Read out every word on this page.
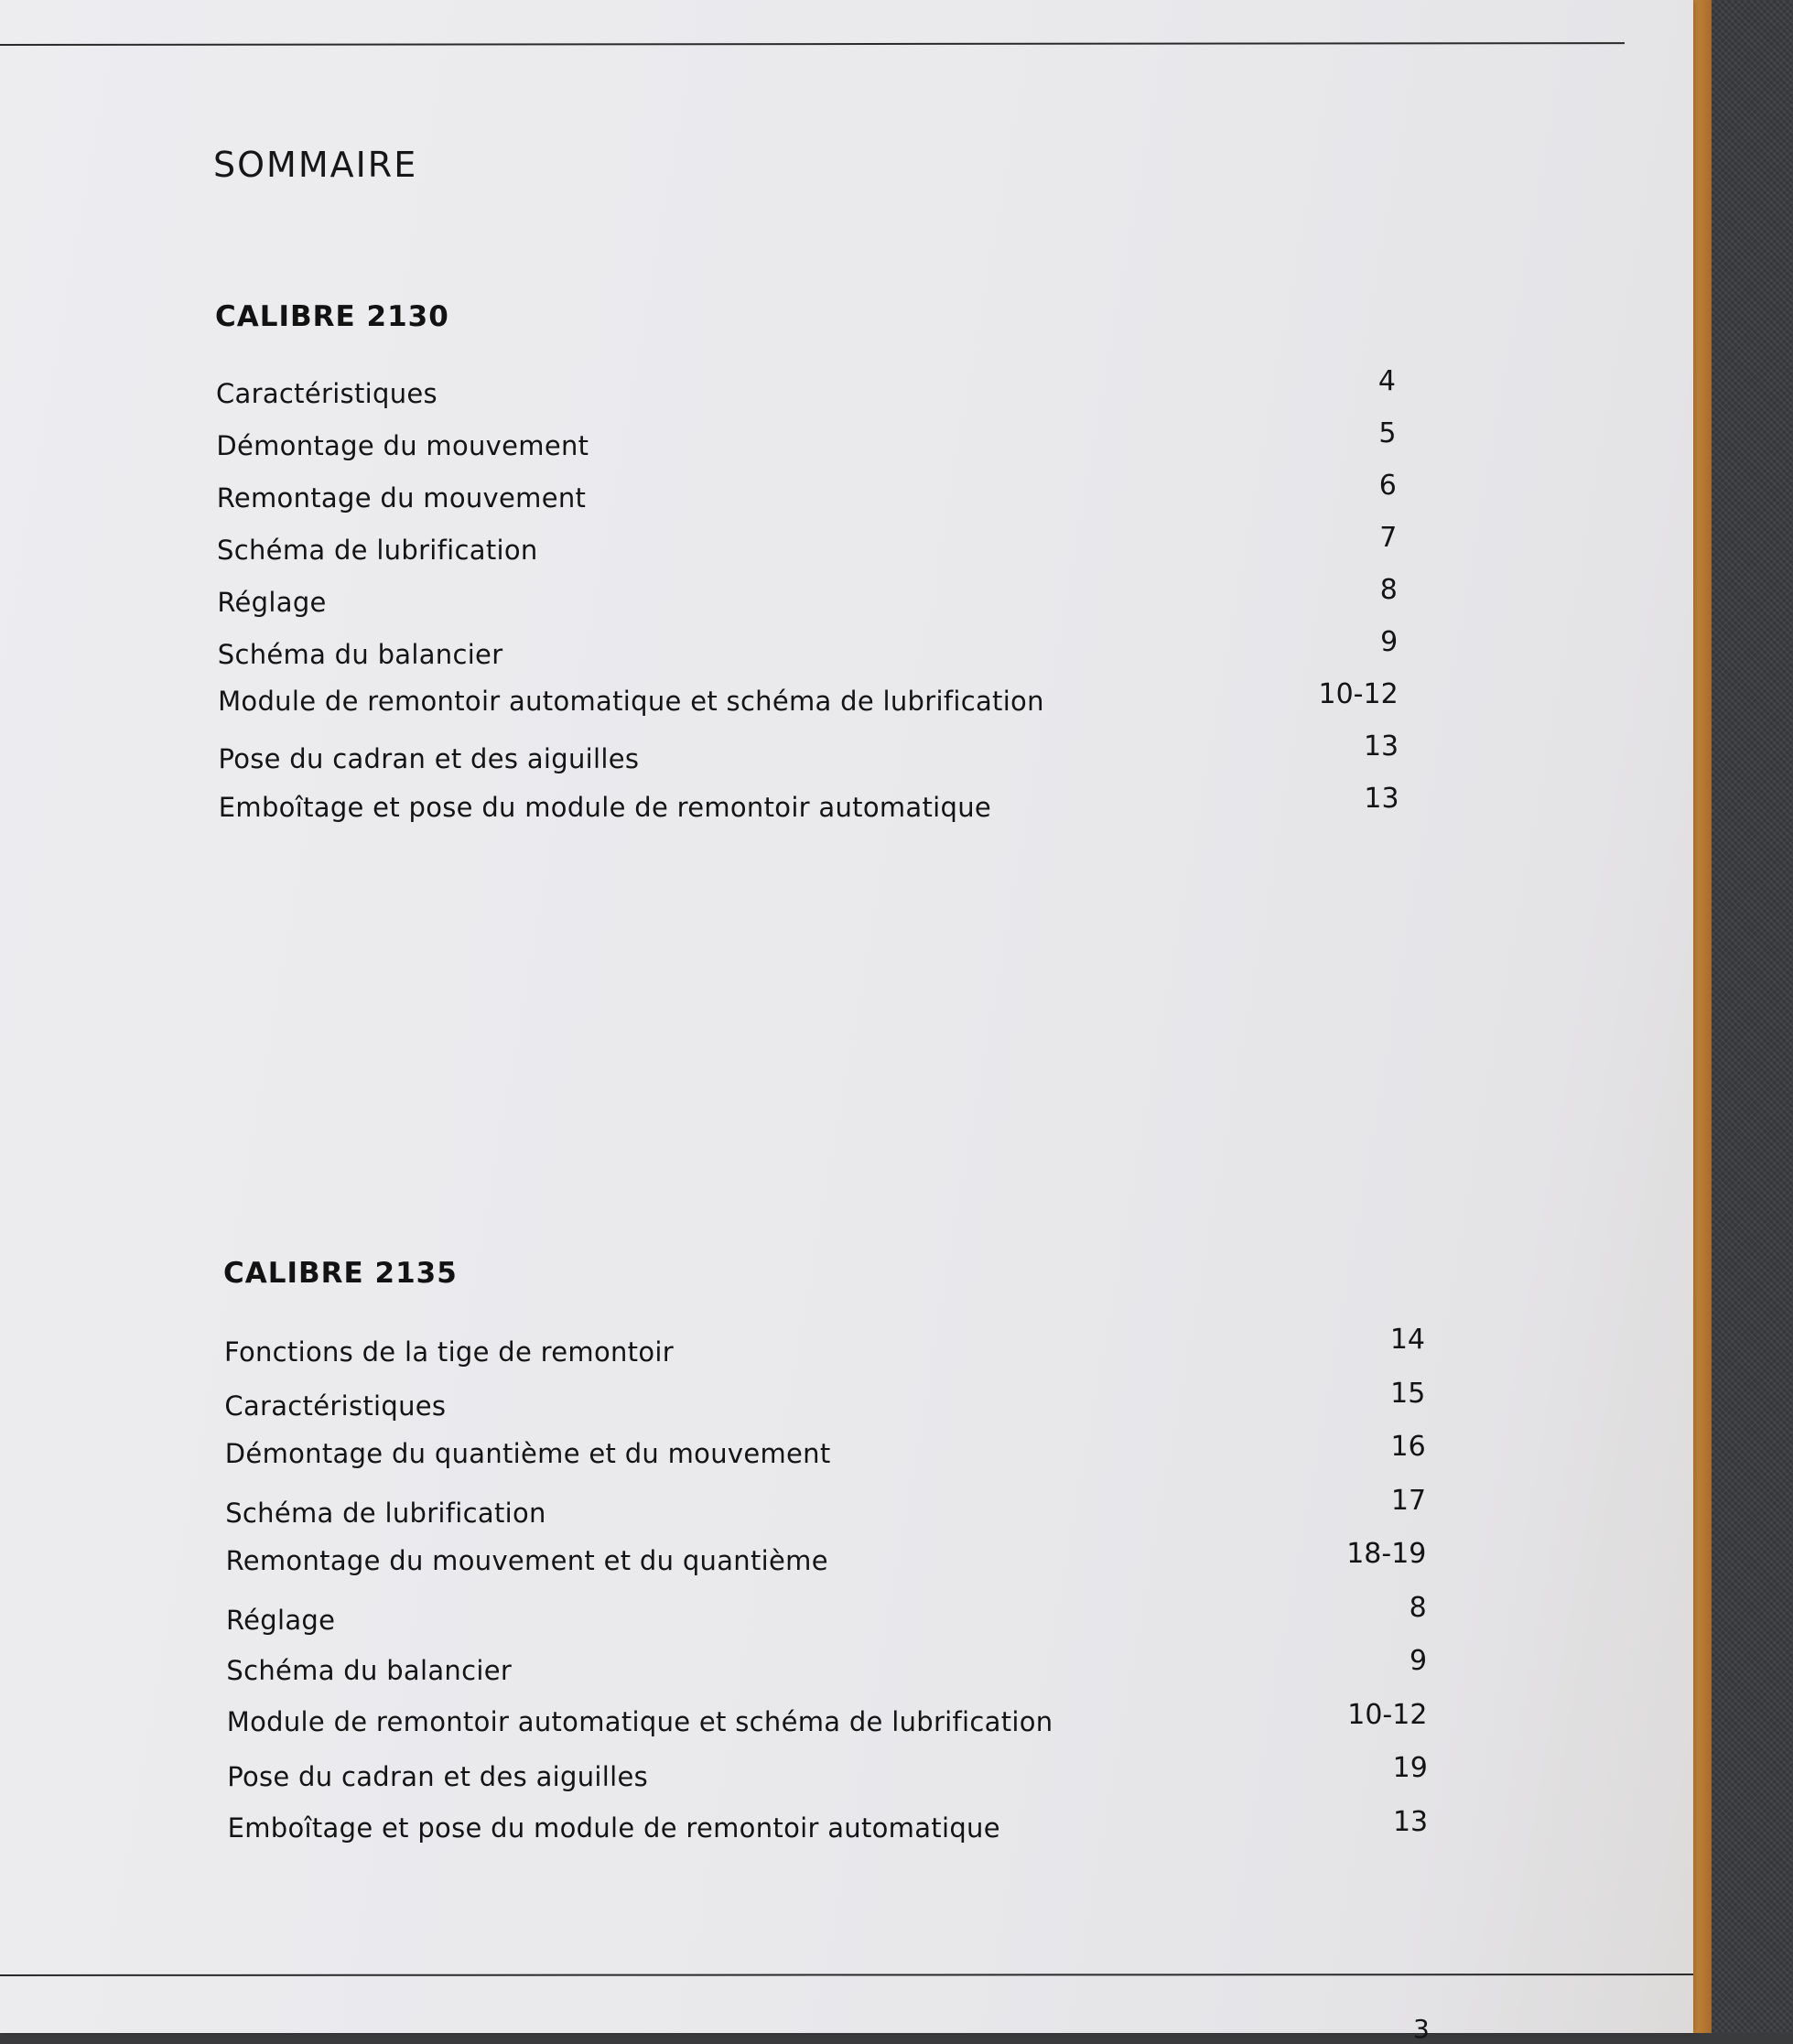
SOMMAIRE
CALIBRE 2130
Caractéristiques	4
Démontage du mouvement	5
Remontage du mouvement	6
Schéma de lubrification	7
Réglage	8
Schéma du balancier	9
Module de remontoir automatique et schéma de lubrification	10-12
Pose du cadran et des aiguilles	13
Emboîtage et pose du module de remontoir automatique	13
CALIBRE 2135
Fonctions de la tige de remontoir	14
Caractéristiques	15
Démontage du quantième et du mouvement	16
Schéma de lubrification	17
Remontage du mouvement et du quantième	18-19
Réglage	8
Schéma du balancier	9
Module de remontoir automatique et schéma de lubrification	10-12
Pose du cadran et des aiguilles	19
Emboîtage et pose du module de remontoir automatique	13
3
